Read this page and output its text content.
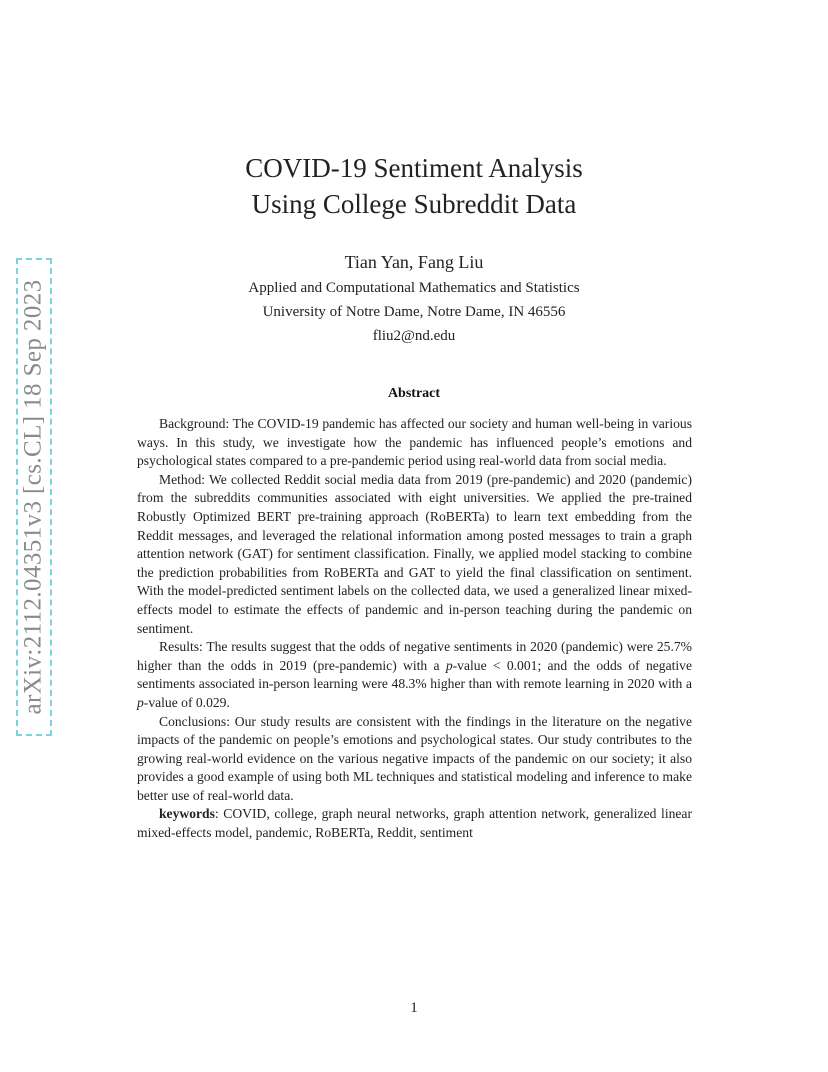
arXiv:2112.04351v3 [cs.CL] 18 Sep 2023
COVID-19 Sentiment Analysis
Using College Subreddit Data
Tian Yan, Fang Liu
Applied and Computational Mathematics and Statistics
University of Notre Dame, Notre Dame, IN 46556
fliu2@nd.edu
Abstract

Background: The COVID-19 pandemic has affected our society and human well-being in various ways. In this study, we investigate how the pandemic has influenced people’s emotions and psychological states compared to a pre-pandemic period using real-world data from social media.

Method: We collected Reddit social media data from 2019 (pre-pandemic) and 2020 (pandemic) from the subreddits communities associated with eight universities. We applied the pre-trained Robustly Optimized BERT pre-training approach (RoBERTa) to learn text embedding from the Reddit messages, and leveraged the relational information among posted messages to train a graph attention network (GAT) for sentiment classification. Finally, we applied model stacking to combine the prediction probabilities from RoBERTa and GAT to yield the final classification on sentiment. With the model-predicted sentiment labels on the collected data, we used a generalized linear mixed-effects model to estimate the effects of pandemic and in-person teaching during the pandemic on sentiment.

Results: The results suggest that the odds of negative sentiments in 2020 (pandemic) were 25.7% higher than the odds in 2019 (pre-pandemic) with a p-value < 0.001; and the odds of negative sentiments associated in-person learning were 48.3% higher than with remote learning in 2020 with a p-value of 0.029.

Conclusions: Our study results are consistent with the findings in the literature on the negative impacts of the pandemic on people’s emotions and psychological states. Our study contributes to the growing real-world evidence on the various negative impacts of the pandemic on our society; it also provides a good example of using both ML techniques and statistical modeling and inference to make better use of real-world data.

keywords: COVID, college, graph neural networks, graph attention network, generalized linear mixed-effects model, pandemic, RoBERTa, Reddit, sentiment

1
